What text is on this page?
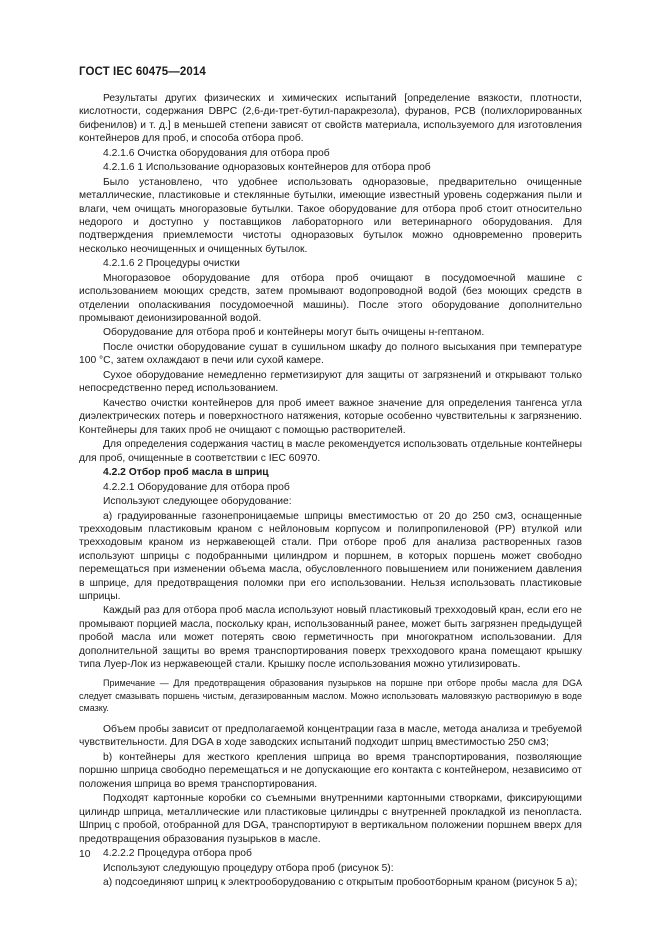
ГОСТ IEC 60475—2014

Результаты других физических и химических испытаний [определение вязкости, плотности, кислотности, содержания DBPC (2,6-ди-трет-бутил-паракрезола), фуранов, PCB (полихлорированных бифенилов) и т. д.] в меньшей степени зависят от свойств материала, используемого для изготовления контейнеров для проб, и способа отбора проб.

4.2.1.6 Очистка оборудования для отбора проб

4.2.1.6 1 Использование одноразовых контейнеров для отбора проб

Было установлено, что удобнее использовать одноразовые, предварительно очищенные металлические, пластиковые и стеклянные бутылки, имеющие известный уровень содержания пыли и влаги, чем очищать многоразовые бутылки. Такое оборудование для отбора проб стоит относительно недорого и доступно у поставщиков лабораторного или ветеринарного оборудования. Для подтверждения приемлемости чистоты одноразовых бутылок можно одновременно проверить несколько неочищенных и очищенных бутылок.

4.2.1.6 2 Процедуры очистки

Многоразовое оборудование для отбора проб очищают в посудомоечной машине с использованием моющих средств, затем промывают водопроводной водой (без моющих средств в отделении ополаскивания посудомоечной машины). После этого оборудование дополнительно промывают деионизированной водой.

Оборудование для отбора проб и контейнеры могут быть очищены н-гептаном.

После очистки оборудование сушат в сушильном шкафу до полного высыхания при температуре 100 °C, затем охлаждают в печи или сухой камере.

Сухое оборудование немедленно герметизируют для защиты от загрязнений и открывают только непосредственно перед использованием.

Качество очистки контейнеров для проб имеет важное значение для определения тангенса угла диэлектрических потерь и поверхностного натяжения, которые особенно чувствительны к загрязнению. Контейнеры для таких проб не очищают с помощью растворителей.

Для определения содержания частиц в масле рекомендуется использовать отдельные контейнеры для проб, очищенные в соответствии с IEC 60970.

4.2.2 Отбор проб масла в шприц

4.2.2.1 Оборудование для отбора проб

Используют следующее оборудование:

a) градуированные газонепроницаемые шприцы вместимостью от 20 до 250 см3, оснащенные трехходовым пластиковым краном с нейлоновым корпусом и полипропиленовой (PP) втулкой или трехходовым краном из нержавеющей стали. При отборе проб для анализа растворенных газов используют шприцы с подобранными цилиндром и поршнем, в которых поршень может свободно перемещаться при изменении объема масла, обусловленного повышением или понижением давления в шприце, для предотвращения поломки при его использовании. Нельзя использовать пластиковые шприцы.

Каждый раз для отбора проб масла используют новый пластиковый трехходовый кран, если его не промывают порцией масла, поскольку кран, использованный ранее, может быть загрязнен предыдущей пробой масла или может потерять свою герметичность при многократном использовании. Для дополнительной защиты во время транспортирования поверх трехходового крана помещают крышку типа Луер-Лок из нержавеющей стали. Крышку после использования можно утилизировать.

Примечание — Для предотвращения образования пузырьков на поршне при отборе пробы масла для DGA следует смазывать поршень чистым, дегазированным маслом. Можно использовать маловязкую растворимую в воде смазку.

Объем пробы зависит от предполагаемой концентрации газа в масле, метода анализа и требуемой чувствительности. Для DGA в ходе заводских испытаний подходит шприц вместимостью 250 см3;

b) контейнеры для жесткого крепления шприца во время транспортирования, позволяющие поршню шприца свободно перемещаться и не допускающие его контакта с контейнером, независимо от положения шприца во время транспортирования.

Подходят картонные коробки со съемными внутренними картонными створками, фиксирующими цилиндр шприца, металлические или пластиковые цилиндры с внутренней прокладкой из пенопласта. Шприц с пробой, отобранной для DGA, транспортируют в вертикальном положении поршнем вверх для предотвращения образования пузырьков в масле.

4.2.2.2 Процедура отбора проб

Используют следующую процедуру отбора проб (рисунок 5):

a) подсоединяют шприц к электрооборудованию с открытым пробоотборным краном (рисунок 5 а);

10
